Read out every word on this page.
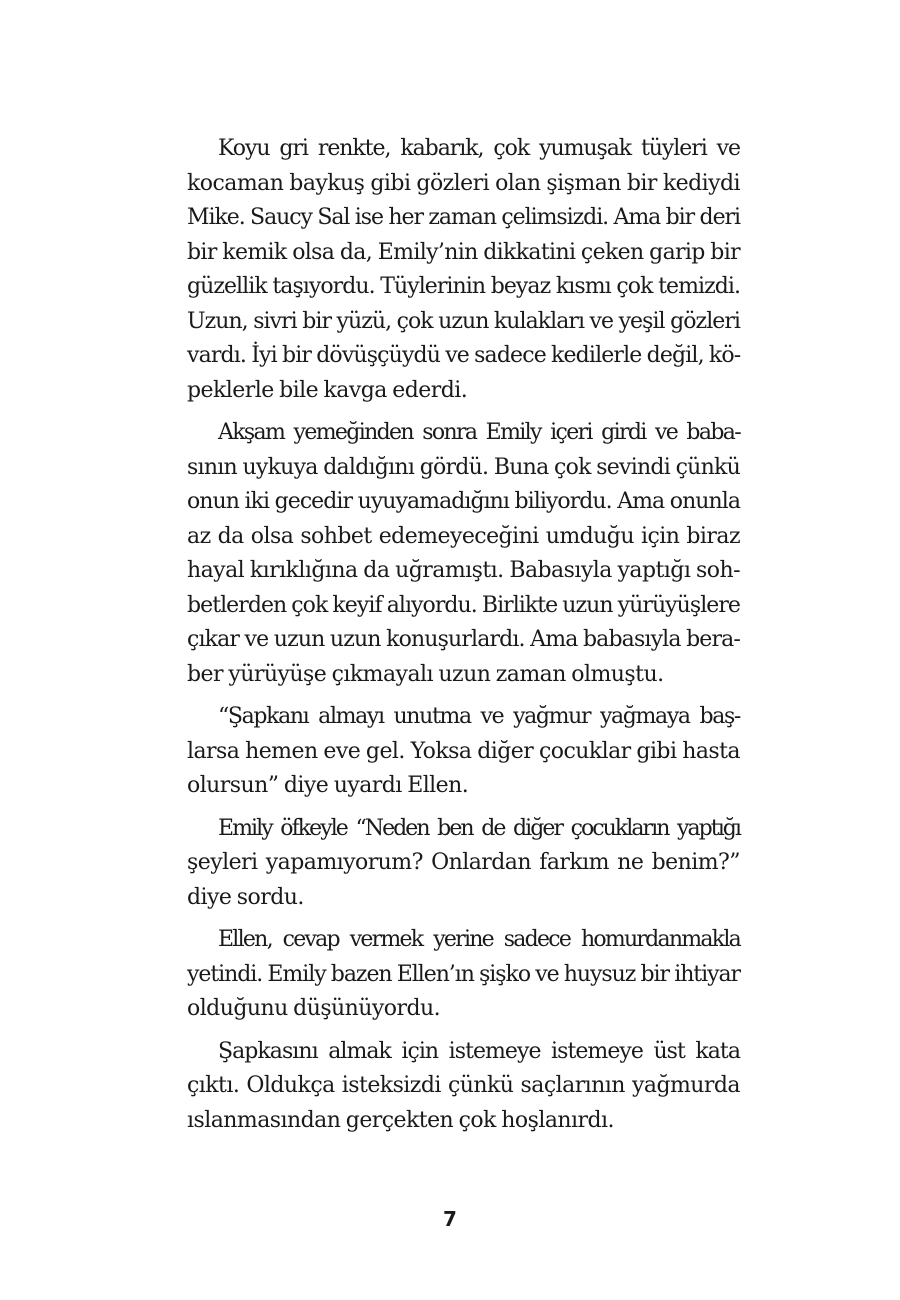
Koyu gri renkte, kabarık, çok yumuşak tüyleri ve
kocaman baykuş gibi gözleri olan şişman bir kediydi
Mike. Saucy Sal ise her zaman çelimsizdi. Ama bir deri
bir kemik olsa da, Emily’nin dikkatini çeken garip bir
güzellik taşıyordu. Tüylerinin beyaz kısmı çok temizdi.
Uzun, sivri bir yüzü, çok uzun kulakları ve yeşil gözleri
vardı. İyi bir dövüşçüydü ve sadece kedilerle değil, kö-
peklerle bile kavga ederdi.
Akşam yemeğinden sonra Emily içeri girdi ve baba-
sının uykuya daldığını gördü. Buna çok sevindi çünkü
onun iki gecedir uyuyamadığını biliyordu. Ama onunla
az da olsa sohbet edemeyeceğini umduğu için biraz
hayal kırıklığına da uğramıştı. Babasıyla yaptığı soh-
betlerden çok keyif alıyordu. Birlikte uzun yürüyüşlere
çıkar ve uzun uzun konuşurlardı. Ama babasıyla bera-
ber yürüyüşe çıkmayalı uzun zaman olmuştu.
“Şapkanı almayı unutma ve yağmur yağmaya baş-
larsa hemen eve gel. Yoksa diğer çocuklar gibi hasta
olursun” diye uyardı Ellen.
Emily öfkeyle “Neden ben de diğer çocukların yaptığı
şeyleri yapamıyorum? Onlardan farkım ne benim?”
diye sordu.
Ellen, cevap vermek yerine sadece homurdanmakla
yetindi. Emily bazen Ellen’ın şişko ve huysuz bir ihtiyar
olduğunu düşünüyordu.
Şapkasını almak için istemeye istemeye üst kata
çıktı. Oldukça isteksizdi çünkü saçlarının yağmurda
ıslanmasından gerçekten çok hoşlanırdı.
7
